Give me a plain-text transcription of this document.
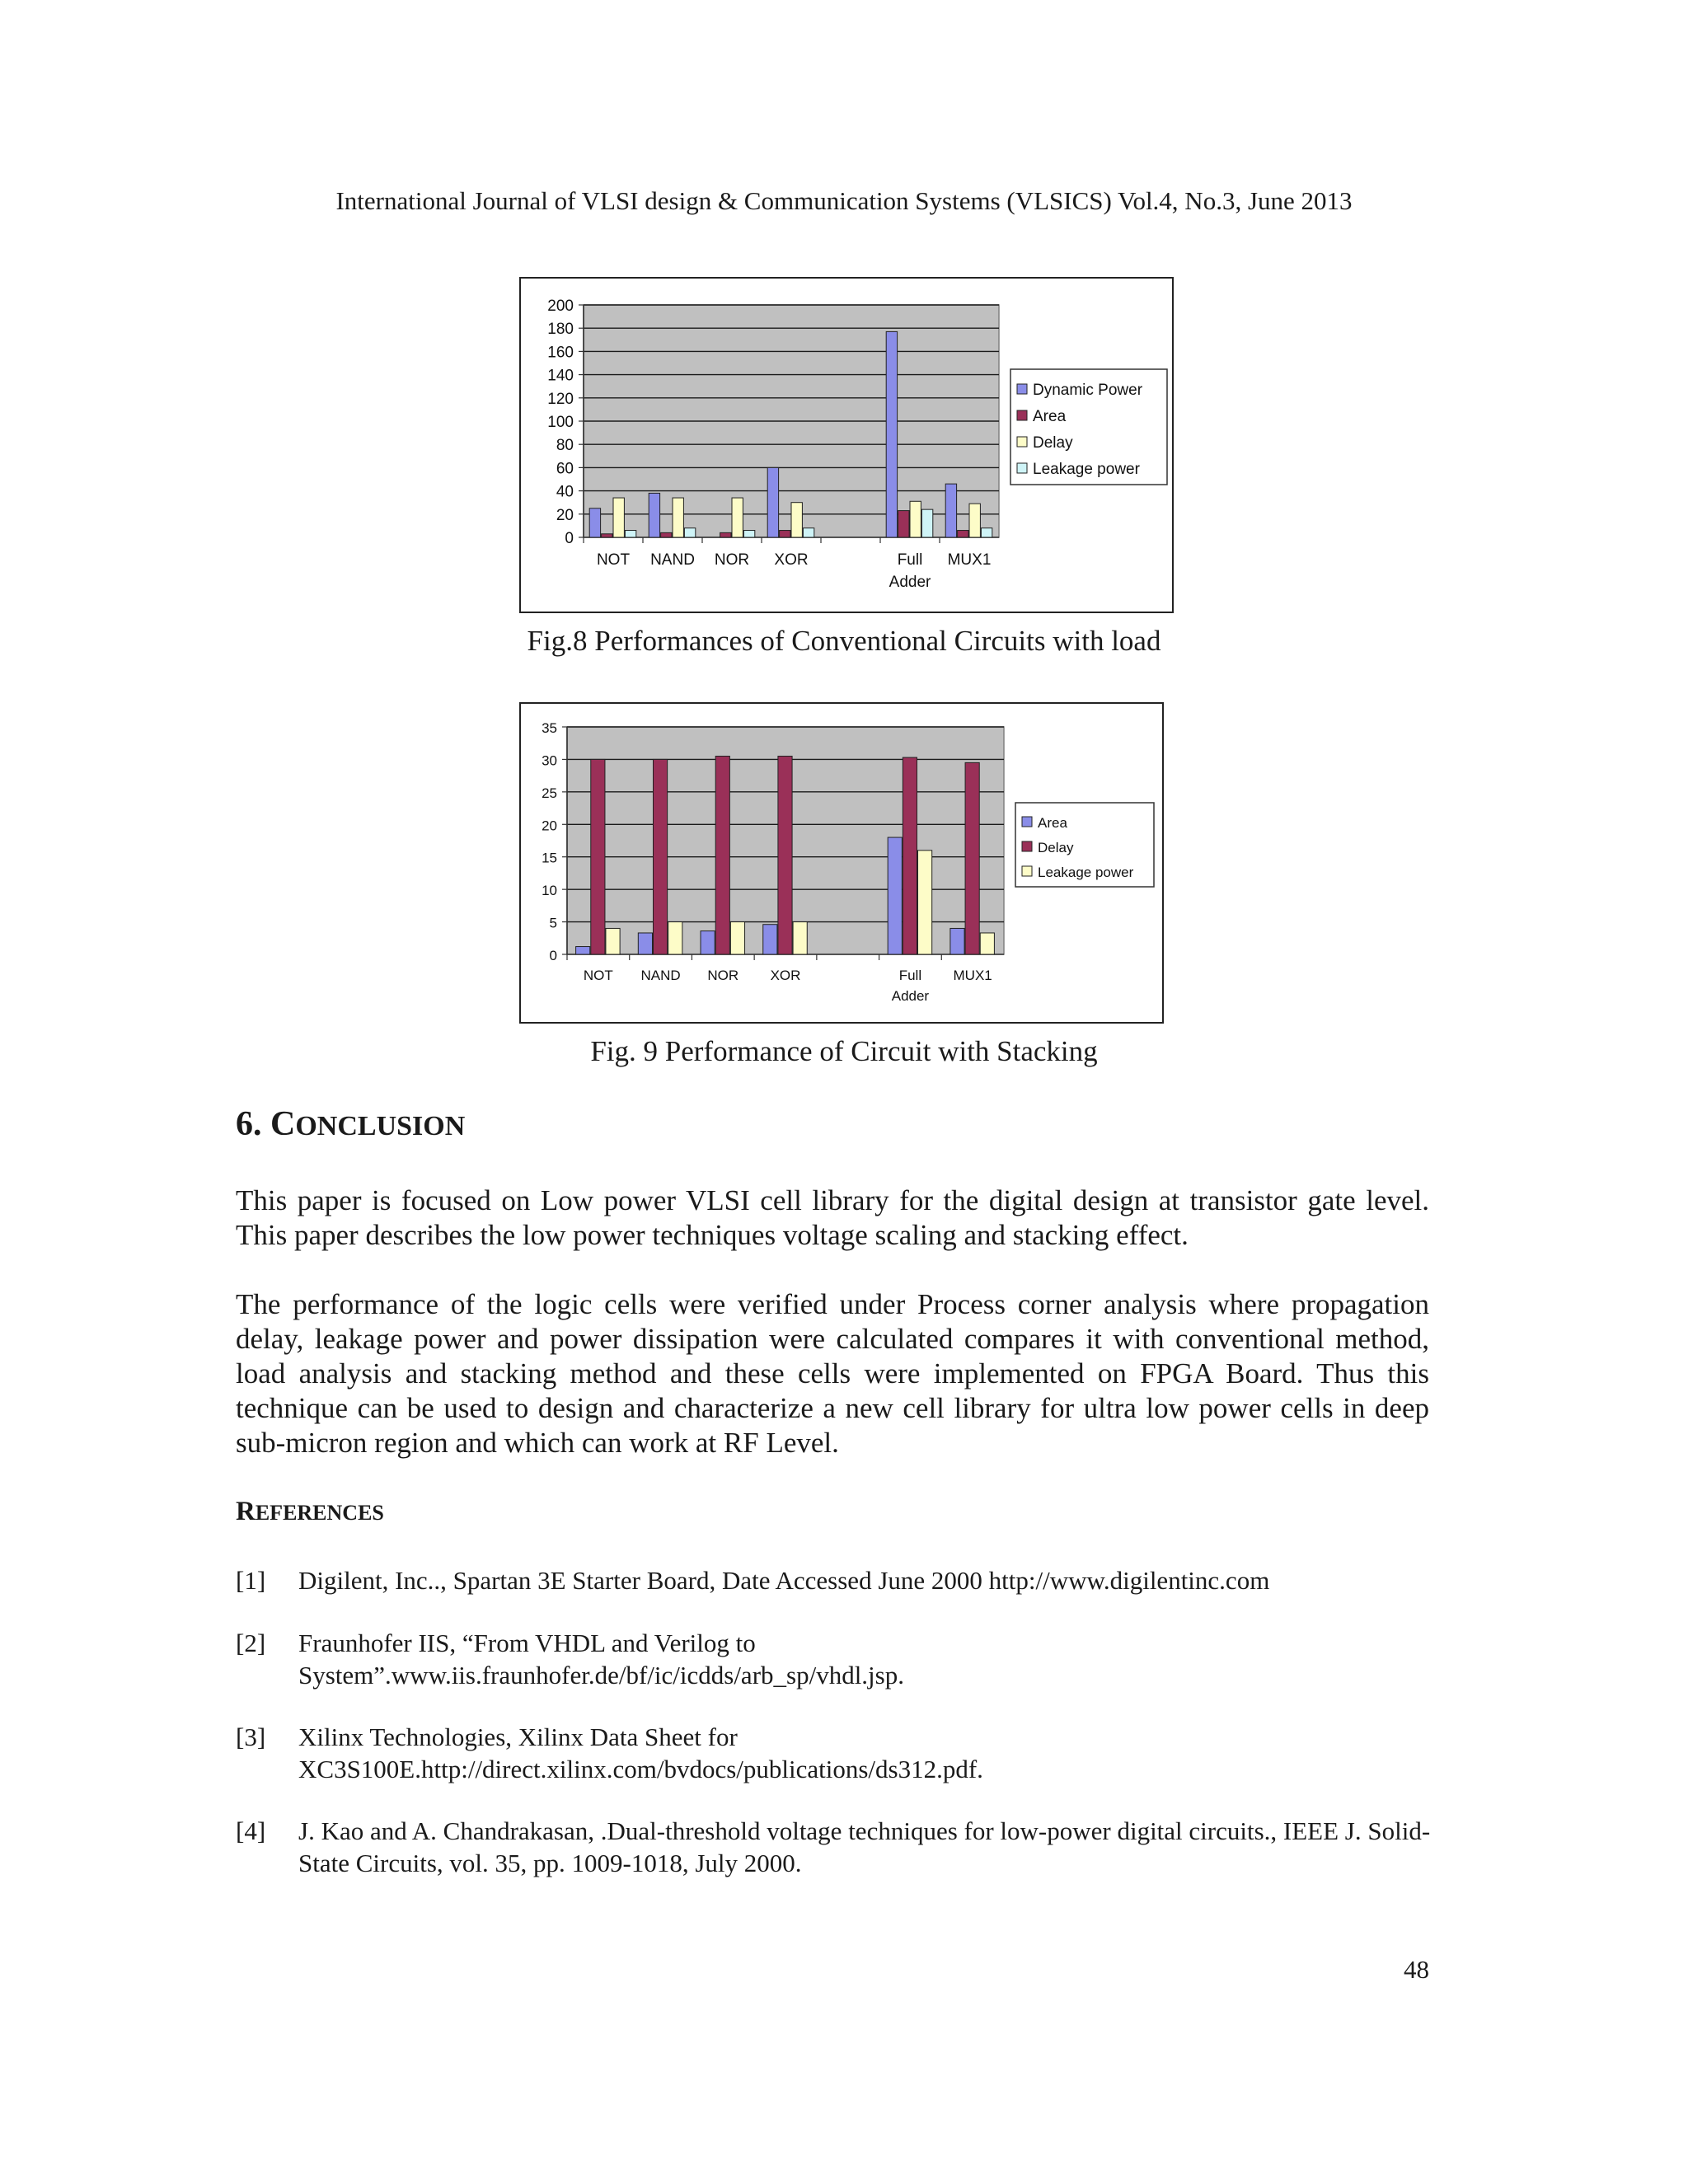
International Journal of VLSI design & Communication Systems (VLSICS) Vol.4, No.3, June 2013
0
20
40
60
80
100
120
140
160
180
200
NOT NAND NOR XOR	Full
Adder
MUX1
Dynamic Power
Area
Delay
Leakage power
Fig.8 Performances of Conventional Circuits with load
0
5
10
15
20
25
30
35
NOT NAND NOR XOR	Full
Adder
MUX1
Area
Delay
Leakage power
Fig. 9 Performance of Circuit with Stacking
6. CONCLUSION
This paper is focused on Low power VLSI cell library for the digital design at transistor gate level. This paper describes the low power techniques voltage scaling and stacking effect.
The performance of the logic cells were verified under Process corner analysis where propagation delay, leakage power and power dissipation were calculated compares it with conventional method, load analysis and stacking method and these cells were implemented on FPGA Board. Thus this technique can be used to design and characterize a new cell library for ultra low power cells in deep sub-micron region and which can work at RF Level.
REFERENCES
[1] Digilent, Inc.., Spartan 3E Starter Board, Date Accessed June 2000 http://www.digilentinc.com
[2] Fraunhofer IIS, “From VHDL and Verilog to
System”.www.iis.fraunhofer.de/bf/ic/icdds/arb_sp/vhdl.jsp.
[3] Xilinx Technologies, Xilinx Data Sheet for
XC3S100E.http://direct.xilinx.com/bvdocs/publications/ds312.pdf.
[4] J. Kao and A. Chandrakasan, .Dual-threshold voltage techniques for low-power digital circuits., IEEE J. Solid-State Circuits, vol. 35, pp. 1009-1018, July 2000.
48
